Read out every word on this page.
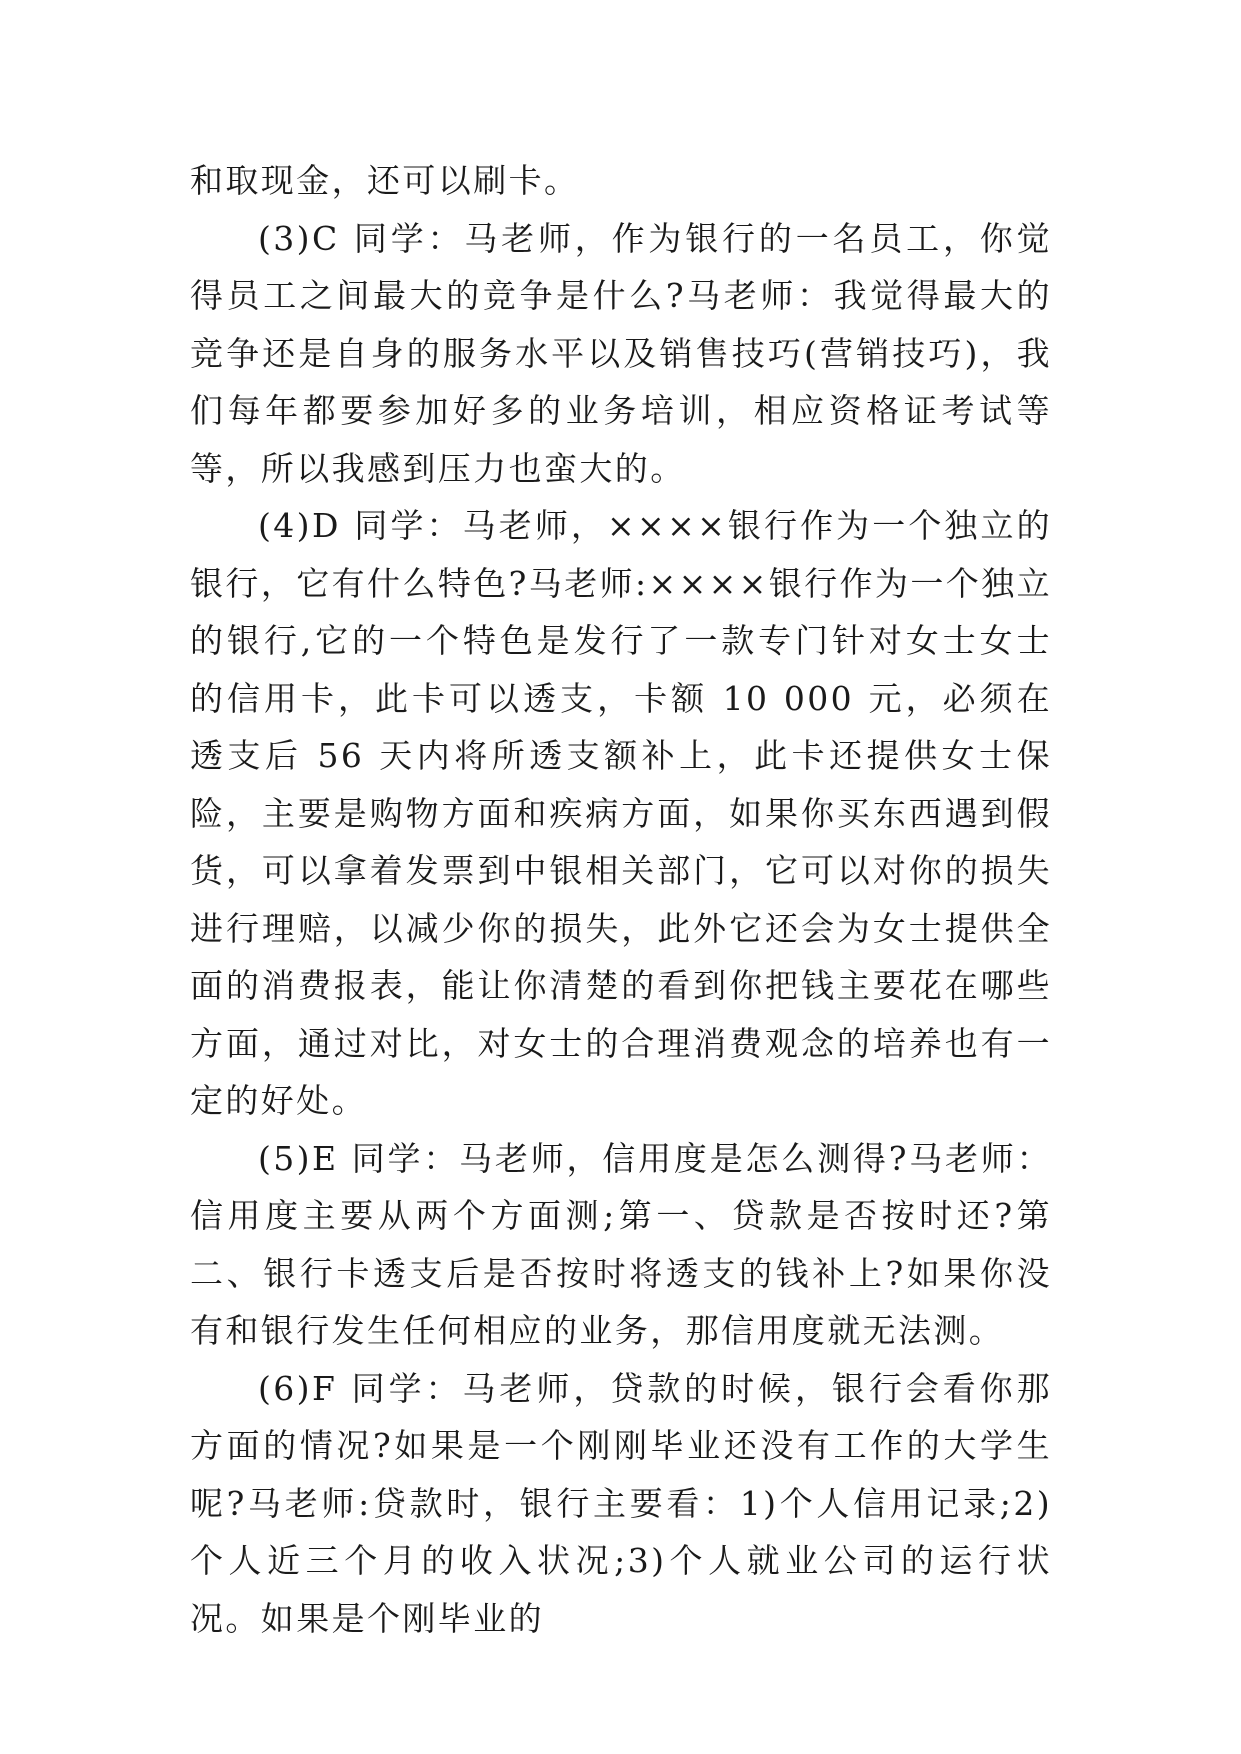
和取现金，还可以刷卡。

(3)C 同学：马老师，作为银行的一名员工，你觉得员工之间最大的竞争是什么?马老师：我觉得最大的竞争还是自身的服务水平以及销售技巧(营销技巧)，我们每年都要参加好多的业务培训，相应资格证考试等等，所以我感到压力也蛮大的。

(4)D 同学：马老师，××××银行作为一个独立的银行，它有什么特色?马老师:××××银行作为一个独立的银行,它的一个特色是发行了一款专门针对女士女士的信用卡，此卡可以透支，卡额 10 000 元，必须在透支后 56 天内将所透支额补上，此卡还提供女士保险，主要是购物方面和疾病方面，如果你买东西遇到假货，可以拿着发票到中银相关部门，它可以对你的损失进行理赔，以减少你的损失，此外它还会为女士提供全面的消费报表，能让你清楚的看到你把钱主要花在哪些方面，通过对比，对女士的合理消费观念的培养也有一定的好处。

(5)E 同学：马老师，信用度是怎么测得?马老师：信用度主要从两个方面测;第一、贷款是否按时还?第二、银行卡透支后是否按时将透支的钱补上?如果你没有和银行发生任何相应的业务，那信用度就无法测。

(6)F 同学：马老师，贷款的时候，银行会看你那方面的情况?如果是一个刚刚毕业还没有工作的大学生呢?马老师:贷款时，银行主要看：1)个人信用记录;2)个人近三个月的收入状况;3)个人就业公司的运行状况。如果是个刚毕业的
